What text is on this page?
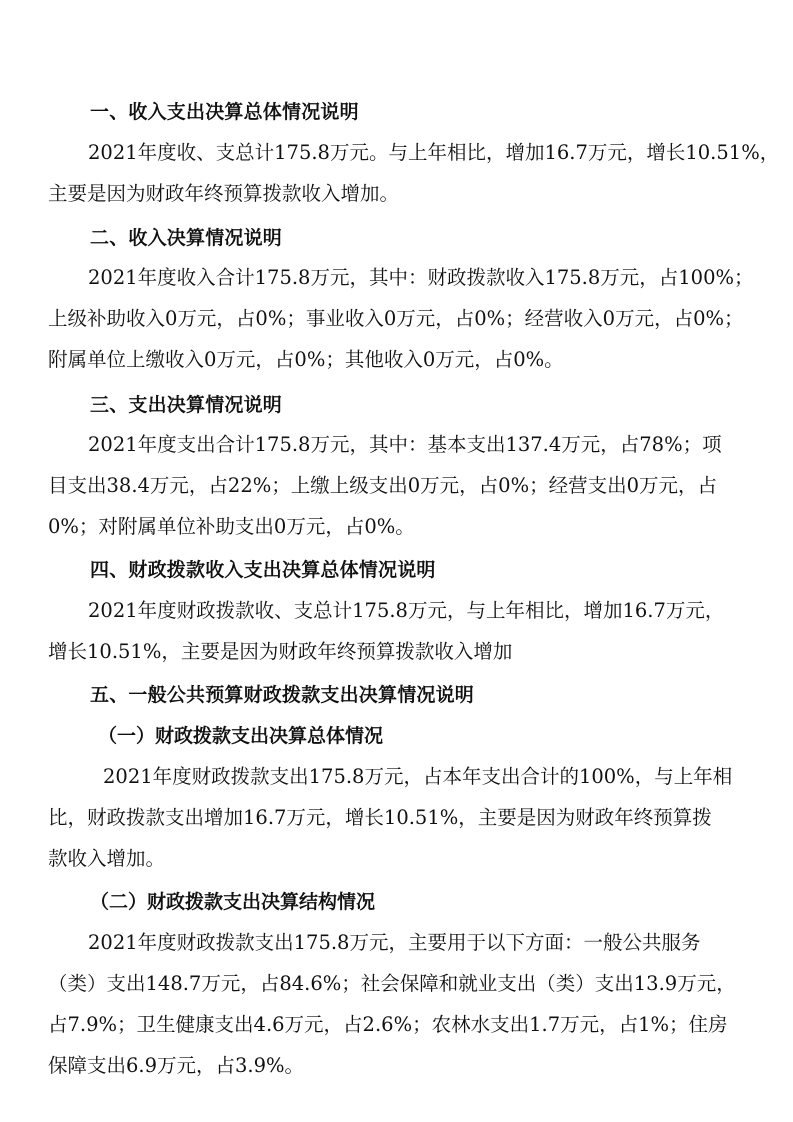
一、收入支出决算总体情况说明
2021年度收、支总计175.8万元。与上年相比，增加16.7万元，增长10.51%，
主要是因为财政年终预算拨款收入增加。
二、收入决算情况说明
2021年度收入合计175.8万元，其中：财政拨款收入175.8万元，占100%；
上级补助收入0万元，占0%；事业收入0万元，占0%；经营收入0万元，占0%；
附属单位上缴收入0万元，占0%；其他收入0万元，占0%。
三、支出决算情况说明
2021年度支出合计175.8万元，其中：基本支出137.4万元，占78%；项
目支出38.4万元，占22%；上缴上级支出0万元，占0%；经营支出0万元，占
0%；对附属单位补助支出0万元，占0%。
四、财政拨款收入支出决算总体情况说明
2021年度财政拨款收、支总计175.8万元，与上年相比，增加16.7万元，
增长10.51%，主要是因为财政年终预算拨款收入增加
五、一般公共预算财政拨款支出决算情况说明
（一）财政拨款支出决算总体情况
2021年度财政拨款支出175.8万元，占本年支出合计的100%，与上年相
比，财政拨款支出增加16.7万元，增长10.51%，主要是因为财政年终预算拨
款收入增加。
（二）财政拨款支出决算结构情况
2021年度财政拨款支出175.8万元，主要用于以下方面：一般公共服务
（类）支出148.7万元，占84.6%；社会保障和就业支出（类）支出13.9万元，
占7.9%；卫生健康支出4.6万元，占2.6%；农林水支出1.7万元，占1%；住房
保障支出6.9万元，占3.9%。
